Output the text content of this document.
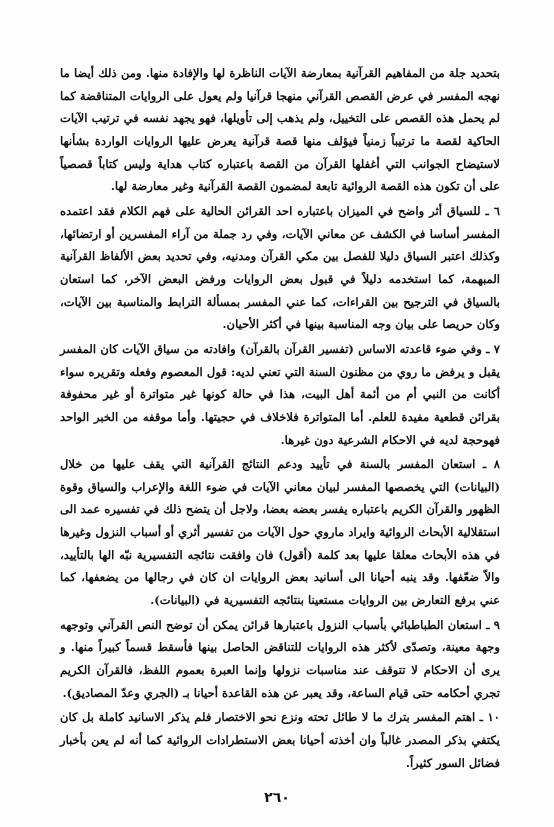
بتحديد جلة من المفاهيم القرآنية بمعارضة الآيات الناظرة لها والإفادة منها. ومن ذلك أيضا ما نهجه المفسر في عرض القصص القرآني منهجا قرآنيا ولم يعول على الروايات المتناقضة كما لم يحمل هذه القصص على التخييل، ولم يذهب إلى تأويلها، فهو يجهد نفسه في ترتيب الآيات الحاكية لقصة ما ترتيباً زمنياً فيؤلف منها قصة قرآنية يعرض عليها الروايات الواردة بشأنها لاستيضاح الجوانب التي أغفلها القرآن من القصة باعتباره كتاب هداية وليس كتاباً قصصياً على أن تكون هذه القصة الروائية تابعة لمضمون القصة القرآنية وغير معارضة لها.

٦ ـ للسياق أثر واضح في الميزان باعتباره احد القرائن الحالية على فهم الكلام فقد اعتمده المفسر أساسا في الكشف عن معاني الآيات، وفي رد جملة من آراء المفسرين أو ارتضائها، وكذلك اعتبر السياق دليلا للفصل بين مكي القرآن ومدنيه، وفي تحديد بعض الألفاظ القرآنية المبهمة، كما استخدمه دليلاً في قبول بعض الروايات ورفض البعض الآخر، كما استعان بالسياق في الترجيح بين القراءات، كما عني المفسر بمسألة الترابط والمناسبة بين الآيات، وكان حريصا على بيان وجه المناسبة بينها في أكثر الأحيان.

٧ ـ وفي ضوء قاعدته الاساس (تفسير القرآن بالقرآن) وافادته من سياق الآيات كان المفسر يقبل و يرفض ما روي من مظنون السنة التي تعني لديه: قول المعصوم وفعله وتقريره سواء أكانت من النبي أم من أئمة أهل البيت، هذا في حالة كونها غير متواترة أو غير محفوفة بقرائن قطعية مفيدة للعلم. أما المتواترة فلاخلاف في حجيتها. وأما موقفه من الخبر الواحد فهوحجة لديه في الاحكام الشرعية دون غيرها.

٨ ـ استعان المفسر بالسنة في تأييد ودعم النتائج القرآنية التي يقف عليها من خلال (البيانات) التي يخصصها المفسر لبيان معاني الآيات في ضوء اللغة والإعراب والسياق وقوة الظهور والقرآن الكريم باعتباره يفسر بعضه بعضا، ولاجل أن يتضح ذلك في تفسيره عمد الى استقلالية الأبحاث الروائية وايراد ماروي حول الآيات من تفسير أثري أو أسباب النزول وغيرها في هذه الأبحاث معلقا عليها بعد كلمة (أقول) فان وافقت نتائجه التفسيرية نبّه الها بالتأييد، والاّ ضعّفها. وقد ينبه أحيانا الى أسانيد بعض الروايات ان كان في رجالها من يضعفها، كما عني برفع التعارض بين الروايات مستعينا بنتائجه التفسيرية في (البيانات).

٩ ـ استعان الطباطبائي بأسباب النزول باعتبارها قرائن يمكن أن توضح النص القرآني وتوجهه وجهة معينة، وتصدّى لأكثر هذه الروايات للتناقض الحاصل بينها فأسقط قسماً كبيراً منها. و يرى أن الاحكام لا تتوقف عند مناسبات نزولها وإنما العبرة بعموم اللفظ، فالقرآن الكريم تجري أحكامه حتى قيام الساعة، وقد يعبر عن هذه القاعدة أحيانا بـ (الجري وعدّ المصاديق).

١٠ ـ اهتم المفسر بترك ما لا طائل تحته ونزع نحو الاختصار فلم يذكر الاسانيد كاملة بل كان يكتفي بذكر المصدر غالباً وان أخذته أحيانا بعض الاستطرادات الروائية كما أنه لم يعن بأخبار فضائل السور كثيراً.

٢٦٠
